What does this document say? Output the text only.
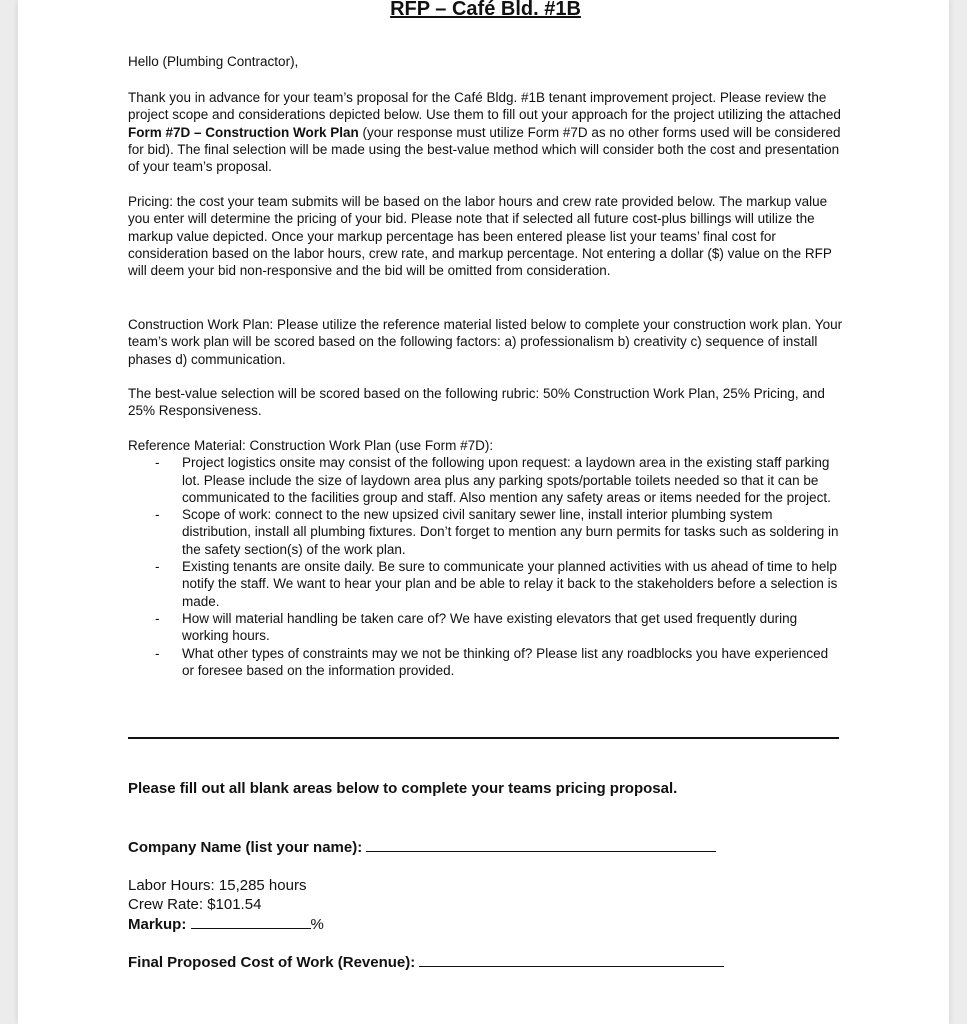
RFP – Café Bld. #1B

Hello (Plumbing Contractor),

Thank you in advance for your team’s proposal for the Café Bldg. #1B tenant improvement project. Please review the project scope and considerations depicted below. Use them to fill out your approach for the project utilizing the attached Form #7D – Construction Work Plan (your response must utilize Form #7D as no other forms used will be considered for bid). The final selection will be made using the best-value method which will consider both the cost and presentation of your team’s proposal.

Pricing: the cost your team submits will be based on the labor hours and crew rate provided below. The markup value you enter will determine the pricing of your bid. Please note that if selected all future cost-plus billings will utilize the markup value depicted. Once your markup percentage has been entered please list your teams’ final cost for consideration based on the labor hours, crew rate, and markup percentage. Not entering a dollar ($) value on the RFP will deem your bid non-responsive and the bid will be omitted from consideration.

Construction Work Plan: Please utilize the reference material listed below to complete your construction work plan. Your team’s work plan will be scored based on the following factors: a) professionalism b) creativity c) sequence of install phases d) communication.

The best-value selection will be scored based on the following rubric: 50% Construction Work Plan, 25% Pricing, and 25% Responsiveness.

Reference Material: Construction Work Plan (use Form #7D):

- Project logistics onsite may consist of the following upon request: a laydown area in the existing staff parking lot. Please include the size of laydown area plus any parking spots/portable toilets needed so that it can be communicated to the facilities group and staff. Also mention any safety areas or items needed for the project.
- Scope of work: connect to the new upsized civil sanitary sewer line, install interior plumbing system distribution, install all plumbing fixtures. Don’t forget to mention any burn permits for tasks such as soldering in the safety section(s) of the work plan.
- Existing tenants are onsite daily. Be sure to communicate your planned activities with us ahead of time to help notify the staff. We want to hear your plan and be able to relay it back to the stakeholders before a selection is made.
- How will material handling be taken care of? We have existing elevators that get used frequently during working hours.
- What other types of constraints may we not be thinking of? Please list any roadblocks you have experienced or foresee based on the information provided.

Please fill out all blank areas below to complete your teams pricing proposal.

Company Name (list your name):

Labor Hours: 15,285 hours

Crew Rate: $101.54

Markup:	%

Final Proposed Cost of Work (Revenue):
